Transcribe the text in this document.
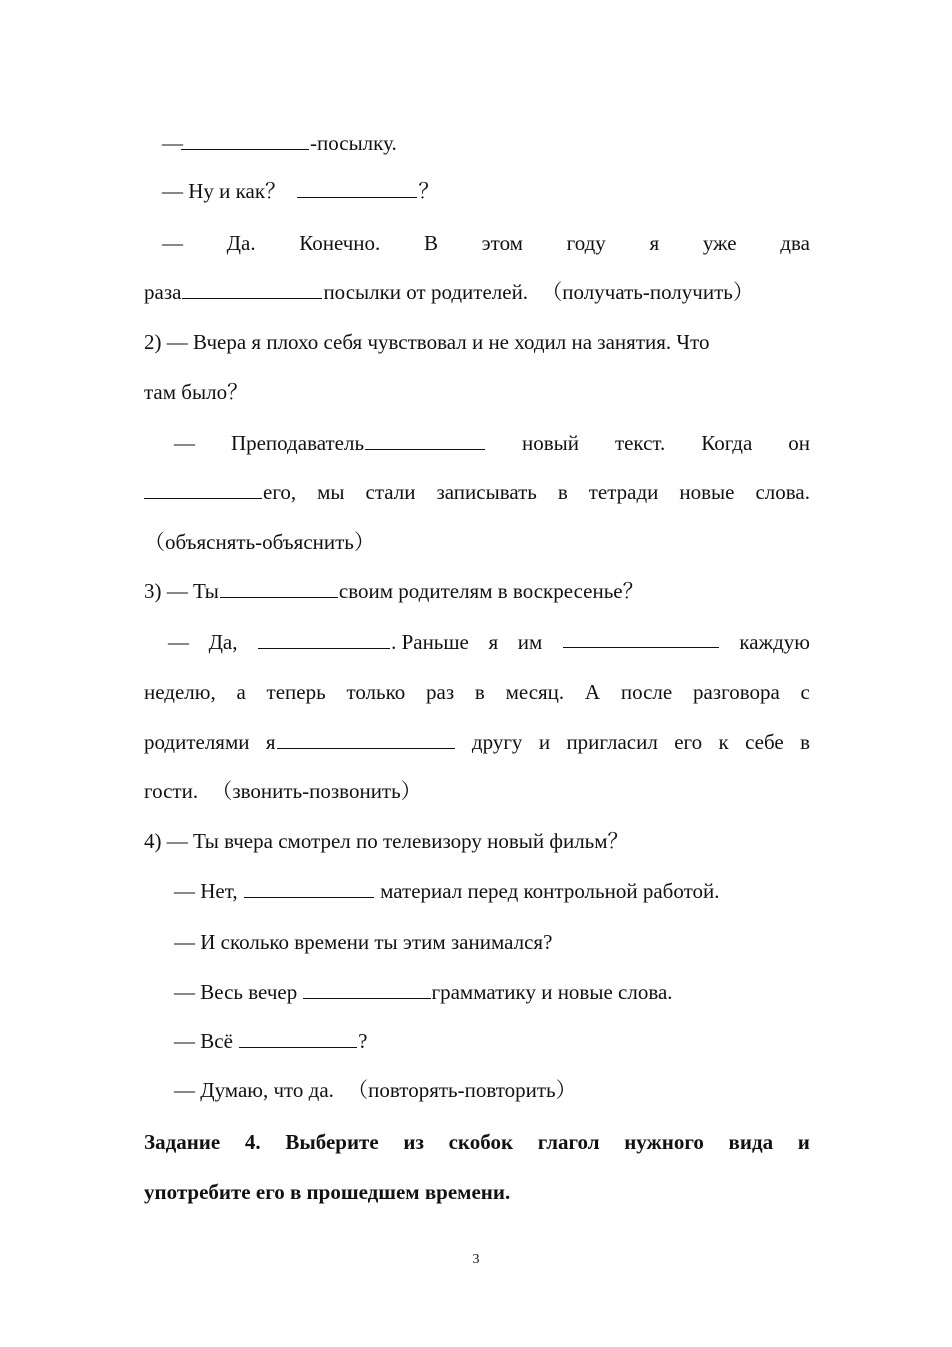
—	-посылку.
— Ну и как？	？
— Да. Конечно. В этом году я уже два
раза	посылки от родителей. （получать-получить）
2) — Вчера я плохо себя чувствовал и не ходил на занятия. Что
там было？
— Преподаватель	новый текст. Когда он
его, мы стали записывать в тетради новые слова.
（объяснять-объяснить）
3) — Ты	своим родителям в воскресенье？
— Да,	. Раньше я им	каждую
неделю, а теперь только раз в месяц. А после разговора с
родителями я	другу и пригласил его к себе в
гости. （звонить-позвонить）
4) — Ты вчера смотрел по телевизору новый фильм？
— Нет,	материал перед контрольной работой.
— И сколько времени ты этим занимался?
— Весь вечер	грамматику и новые слова.
— Всё	?
— Думаю, что да. （повторять-повторить）
Задание 4. Выберите из скобок глагол нужного вида и
употребите его в прошедшем времени.
3
